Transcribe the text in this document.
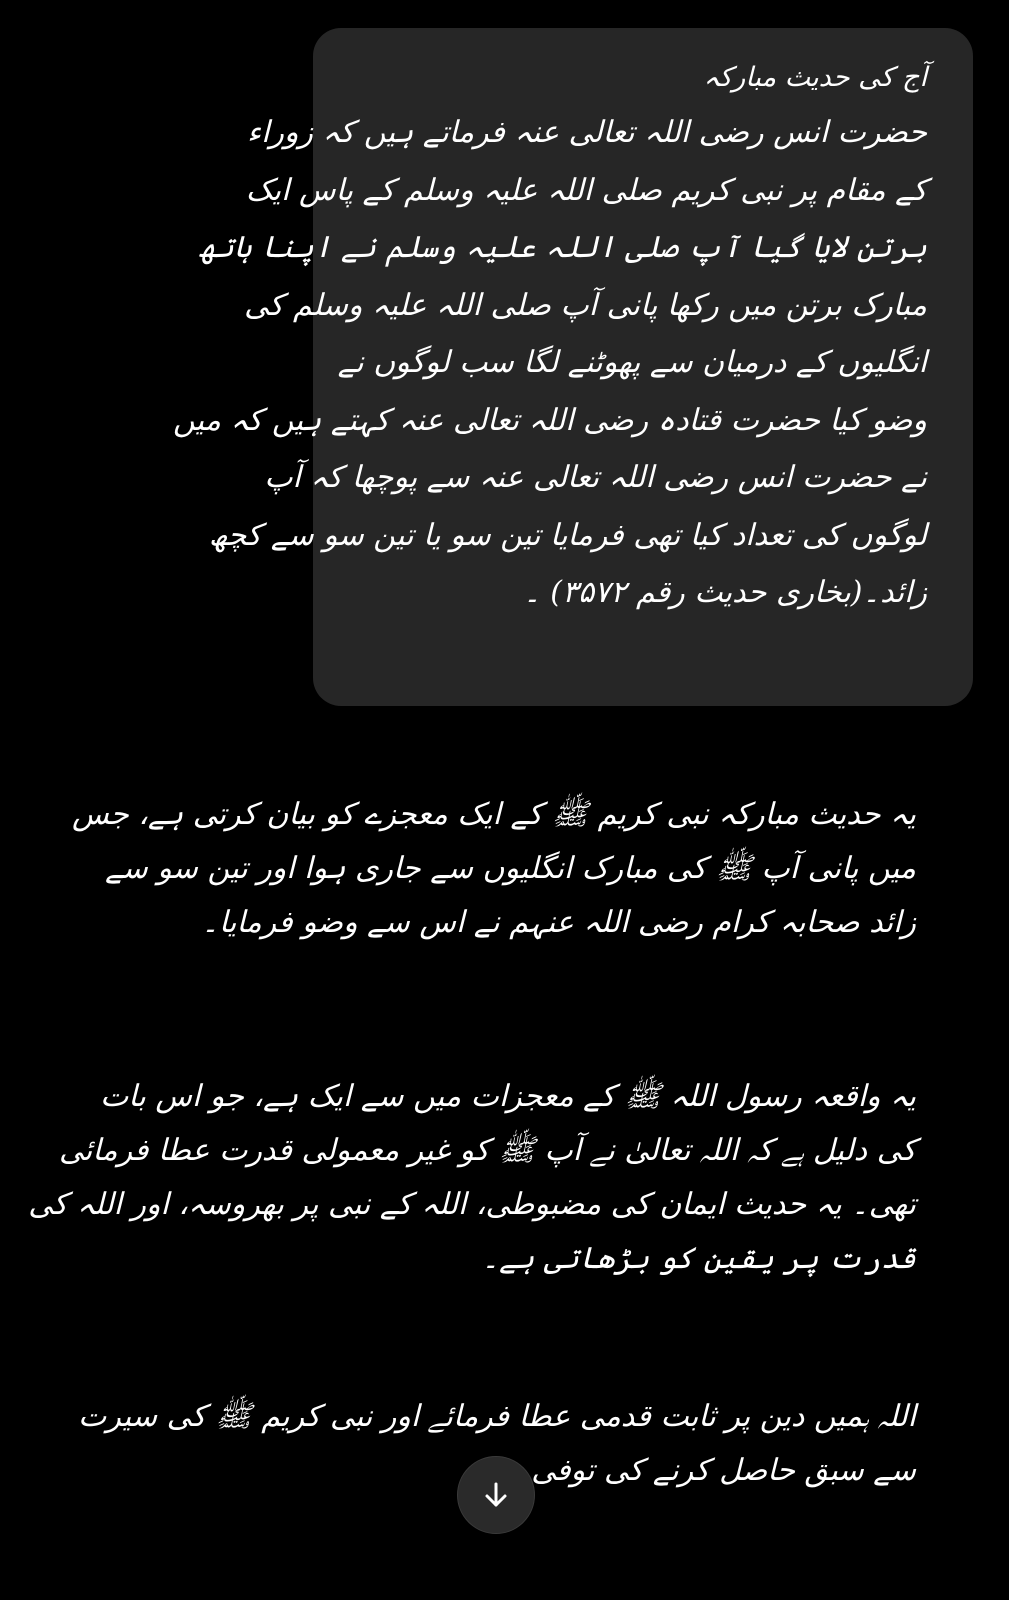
آج کی حدیث مبارکہ
حضرت انس رضی اللہ تعالی عنہ فرماتے ہیں کہ زوراء
کے مقام پر نبی کریم صلی اللہ علیہ وسلم کے پاس ایک
برتن لایا گیا آپ صلی اللہ علیہ وسلم نے اپنا ہاتھ
مبارک برتن میں رکھا پانی آپ صلی اللہ علیہ وسلم کی
انگلیوں کے درمیان سے پھوٹنے لگا سب لوگوں نے
وضو کیا حضرت قتادہ رضی اللہ تعالی عنہ کہتے ہیں کہ میں
نے حضرت انس رضی اللہ تعالی عنہ سے پوچھا کہ آپ
لوگوں کی تعداد کیا تھی فرمایا تین سو یا تین سو سے کچھ
زائد۔(بخاری حدیث رقم ۳۵۷۲) ۔
یہ حدیث مبارکہ نبی کریم ﷺ کے ایک معجزے کو بیان کرتی ہے، جس
میں پانی آپ ﷺ کی مبارک انگلیوں سے جاری ہوا اور تین سو سے
زائد صحابہ کرام رضی اللہ عنہم نے اس سے وضو فرمایا۔
یہ واقعہ رسول اللہ ﷺ کے معجزات میں سے ایک ہے، جو اس بات
کی دلیل ہے کہ اللہ تعالیٰ نے آپ ﷺ کو غیر معمولی قدرت عطا فرمائی
تھی۔ یہ حدیث ایمان کی مضبوطی، اللہ کے نبی پر بھروسہ، اور اللہ کی
قدرت پر یقین کو بڑھاتی ہے۔
اللہ ہمیں دین پر ثابت قدمی عطا فرمائے اور نبی کریم ﷺ کی سیرت
سے سبق حاصل کرنے کی توفی
